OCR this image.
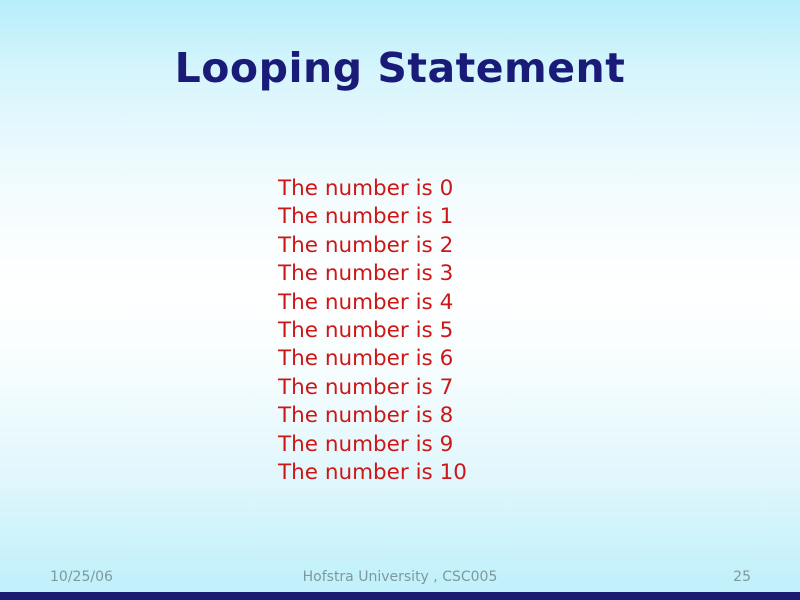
Looping Statement
The number is 0
The number is 1
The number is 2
The number is 3
The number is 4
The number is 5
The number is 6
The number is 7
The number is 8
The number is 9
The number is 10
10/25/06	Hofstra University , CSC005	25
